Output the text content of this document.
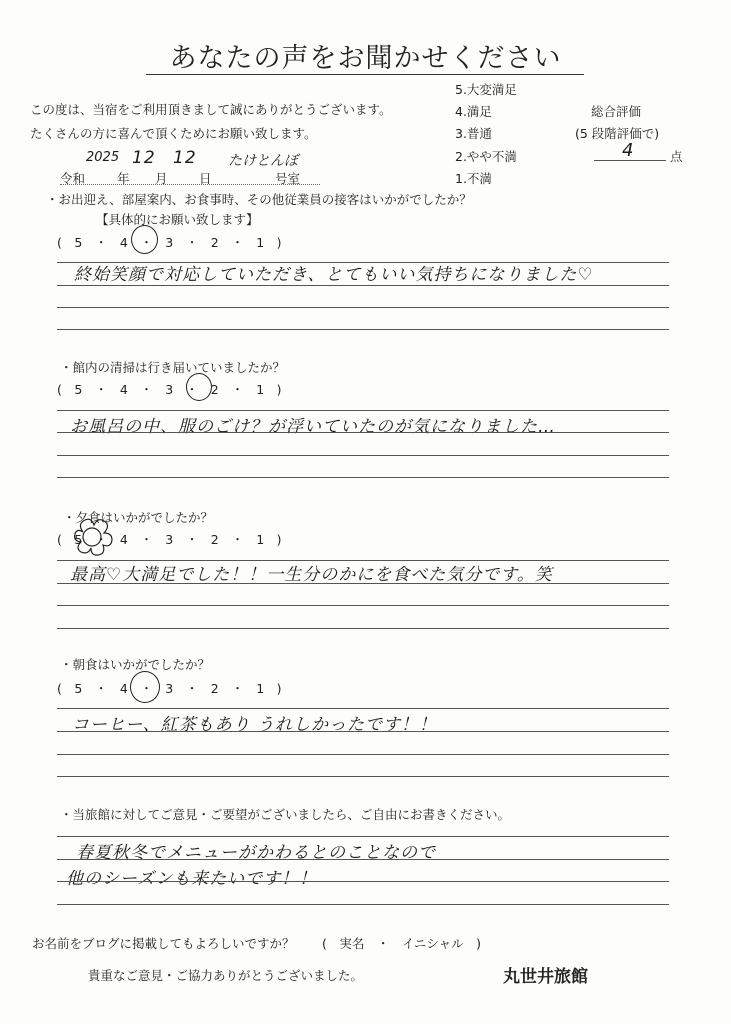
あなたの声をお聞かせください
この度は、当宿をご利用頂きまして誠にありがとうございます。
たくさんの方に喜んで頂くためにお願い致します。
5.大変満足
4.満足
3.普通
2.やや不満
1.不満
総合評価
(5 段階評価で)
4	点
令和
2025
年
12
月
12
日
たけとんぼ
号室
・お出迎え、部屋案内、お食事時、その他従業員の接客はいかがでしたか？
【具体的にお願い致します】
(　5　・　4　・　3　・　2　・　1　)
終始笑顔で対応していただき、とてもいい気持ちになりました♡
・館内の清掃は行き届いていましたか？
(　5　・　4　・　3　・　2　・　1　)
お風呂の中、服のごけ？が浮いていたのが気になりました…
・夕食はいかがでしたか？
(　5　・　4　・　3　・　2　・　1　)
最高♡大満足でした！！一生分のかにを食べた気分です。笑
・朝食はいかがでしたか？
(　5　・　4　・　3　・　2　・　1　)
コーヒー、紅茶もあり うれしかったです！！
・当旅館に対してご意見・ご要望がございましたら、ご自由にお書きください。
春夏秋冬でメニューがかわるとのことなので
他のシーズンも来たいです！！
お名前をブログに掲載してもよろしいですか？ (　実名　・　イニシャル　)
貴重なご意見・ご協力ありがとうございました。	丸世井旅館
